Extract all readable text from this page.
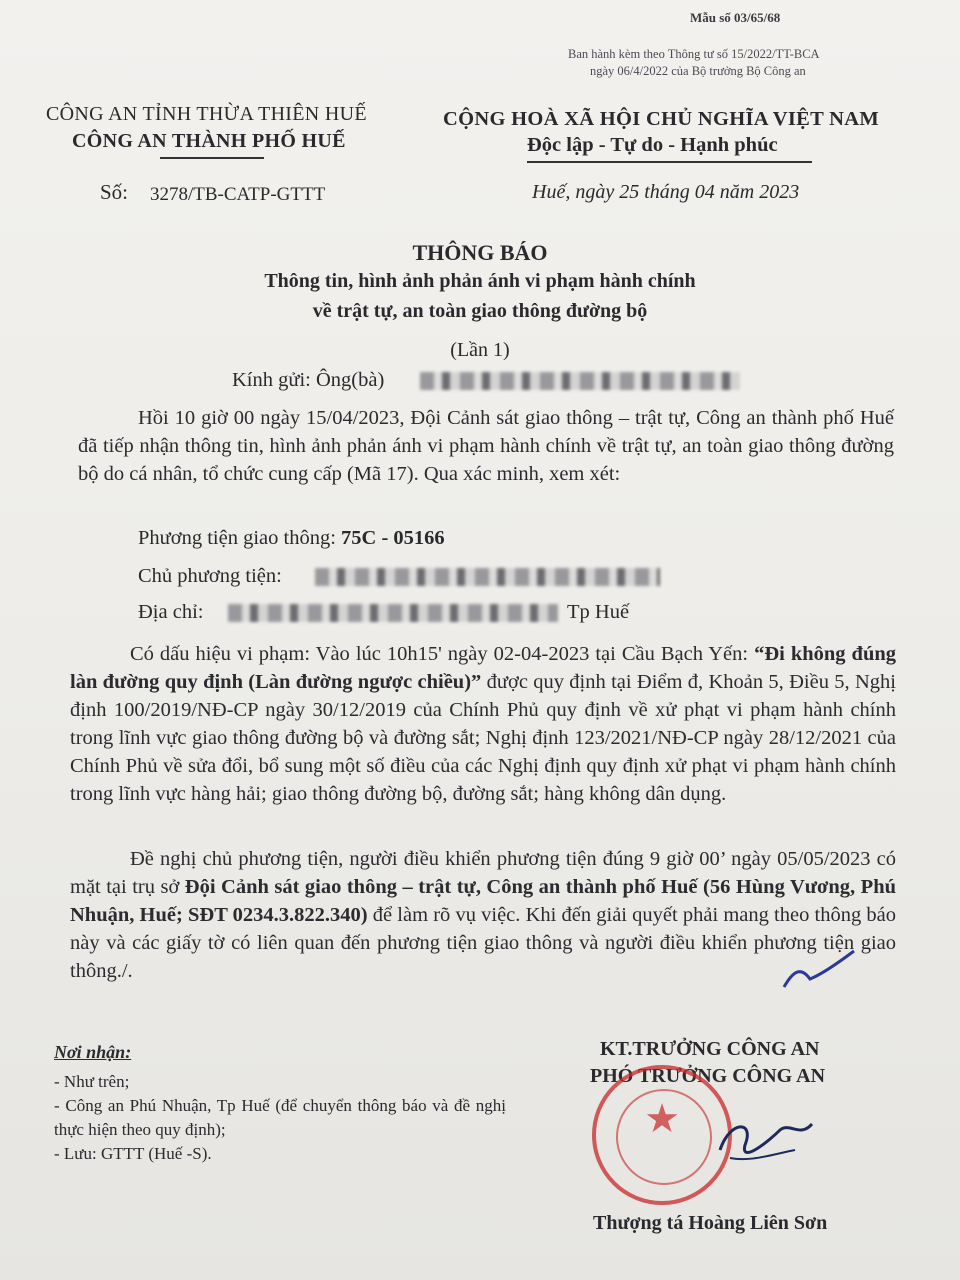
Mẫu số 03/65/68
Ban hành kèm theo Thông tư số 15/2022/TT-BCA
ngày 06/4/2022 của Bộ trưởng Bộ Công an
CÔNG AN TỈNH THỪA THIÊN HUẾ
CÔNG AN THÀNH PHỐ HUẾ
Số: 3278/TB-CATP-GTTT
CỘNG HOÀ XÃ HỘI CHỦ NGHĨA VIỆT NAM
Độc lập - Tự do - Hạnh phúc
Huế, ngày 25 tháng 04 năm 2023
THÔNG BÁO
Thông tin, hình ảnh phản ánh vi phạm hành chính
về trật tự, an toàn giao thông đường bộ
(Lần 1)
Kính gửi: Ông(bà)

Hồi 10 giờ 00 ngày 15/04/2023, Đội Cảnh sát giao thông – trật tự, Công an thành phố Huế đã tiếp nhận thông tin, hình ảnh phản ánh vi phạm hành chính về trật tự, an toàn giao thông đường bộ do cá nhân, tổ chức cung cấp (Mã 17). Qua xác minh, xem xét:

Phương tiện giao thông: 75C - 05166
Chủ phương tiện:
Địa chỉ:	Tp Huế

Có dấu hiệu vi phạm: Vào lúc 10h15' ngày 02-04-2023 tại Cầu Bạch Yến: “Đi không đúng làn đường quy định (Làn đường ngược chiều)” được quy định tại Điểm đ, Khoản 5, Điều 5, Nghị định 100/2019/NĐ-CP ngày 30/12/2019 của Chính Phủ quy định về xử phạt vi phạm hành chính trong lĩnh vực giao thông đường bộ và đường sắt; Nghị định 123/2021/NĐ-CP ngày 28/12/2021 của Chính Phủ về sửa đổi, bổ sung một số điều của các Nghị định quy định xử phạt vi phạm hành chính trong lĩnh vực hàng hải; giao thông đường bộ, đường sắt; hàng không dân dụng.

Đề nghị chủ phương tiện, người điều khiển phương tiện đúng 9 giờ 00’ ngày 05/05/2023 có mặt tại trụ sở Đội Cảnh sát giao thông – trật tự, Công an thành phố Huế (56 Hùng Vương, Phú Nhuận, Huế; SĐT 0234.3.822.340) để làm rõ vụ việc. Khi đến giải quyết phải mang theo thông báo này và các giấy tờ có liên quan đến phương tiện giao thông và người điều khiển phương tiện giao thông./.

Nơi nhận:
- Như trên;
- Công an Phú Nhuận, Tp Huế (để chuyển thông báo và đề nghị thực hiện theo quy định);
- Lưu: GTTT (Huế -S).
KT.TRƯỞNG CÔNG AN
PHÓ TRƯỞNG CÔNG AN
★
Thượng tá Hoàng Liên Sơn
